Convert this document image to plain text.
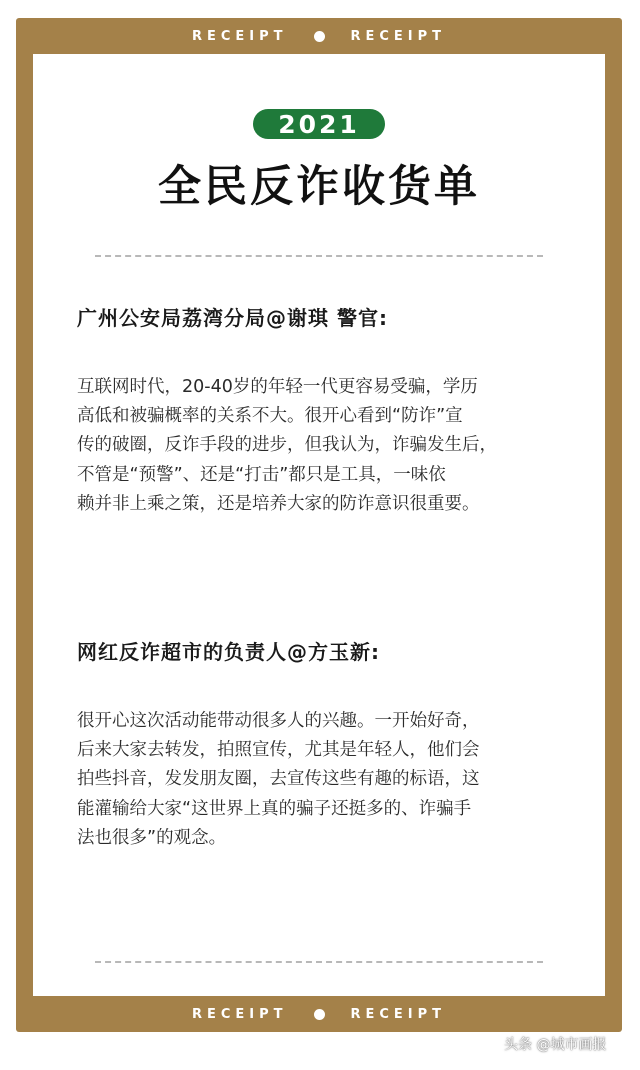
RECEIPT	RECEIPT
2021
全民反诈收货单
广州公安局荔湾分局@谢琪 警官:
互联网时代，20-40岁的年轻一代更容易受骗，学历
高低和被骗概率的关系不大。很开心看到“防诈”宣
传的破圈，反诈手段的进步，但我认为，诈骗发生后，
不管是“预警”、还是“打击”都只是工具，一味依
赖并非上乘之策，还是培养大家的防诈意识很重要。
网红反诈超市的负责人@方玉新:
很开心这次活动能带动很多人的兴趣。一开始好奇，
后来大家去转发，拍照宣传，尤其是年轻人，他们会
拍些抖音，发发朋友圈，去宣传这些有趣的标语，这
能灌输给大家“这世界上真的骗子还挺多的、诈骗手
法也很多”的观念。
RECEIPT	RECEIPT
头条 @城市画报
